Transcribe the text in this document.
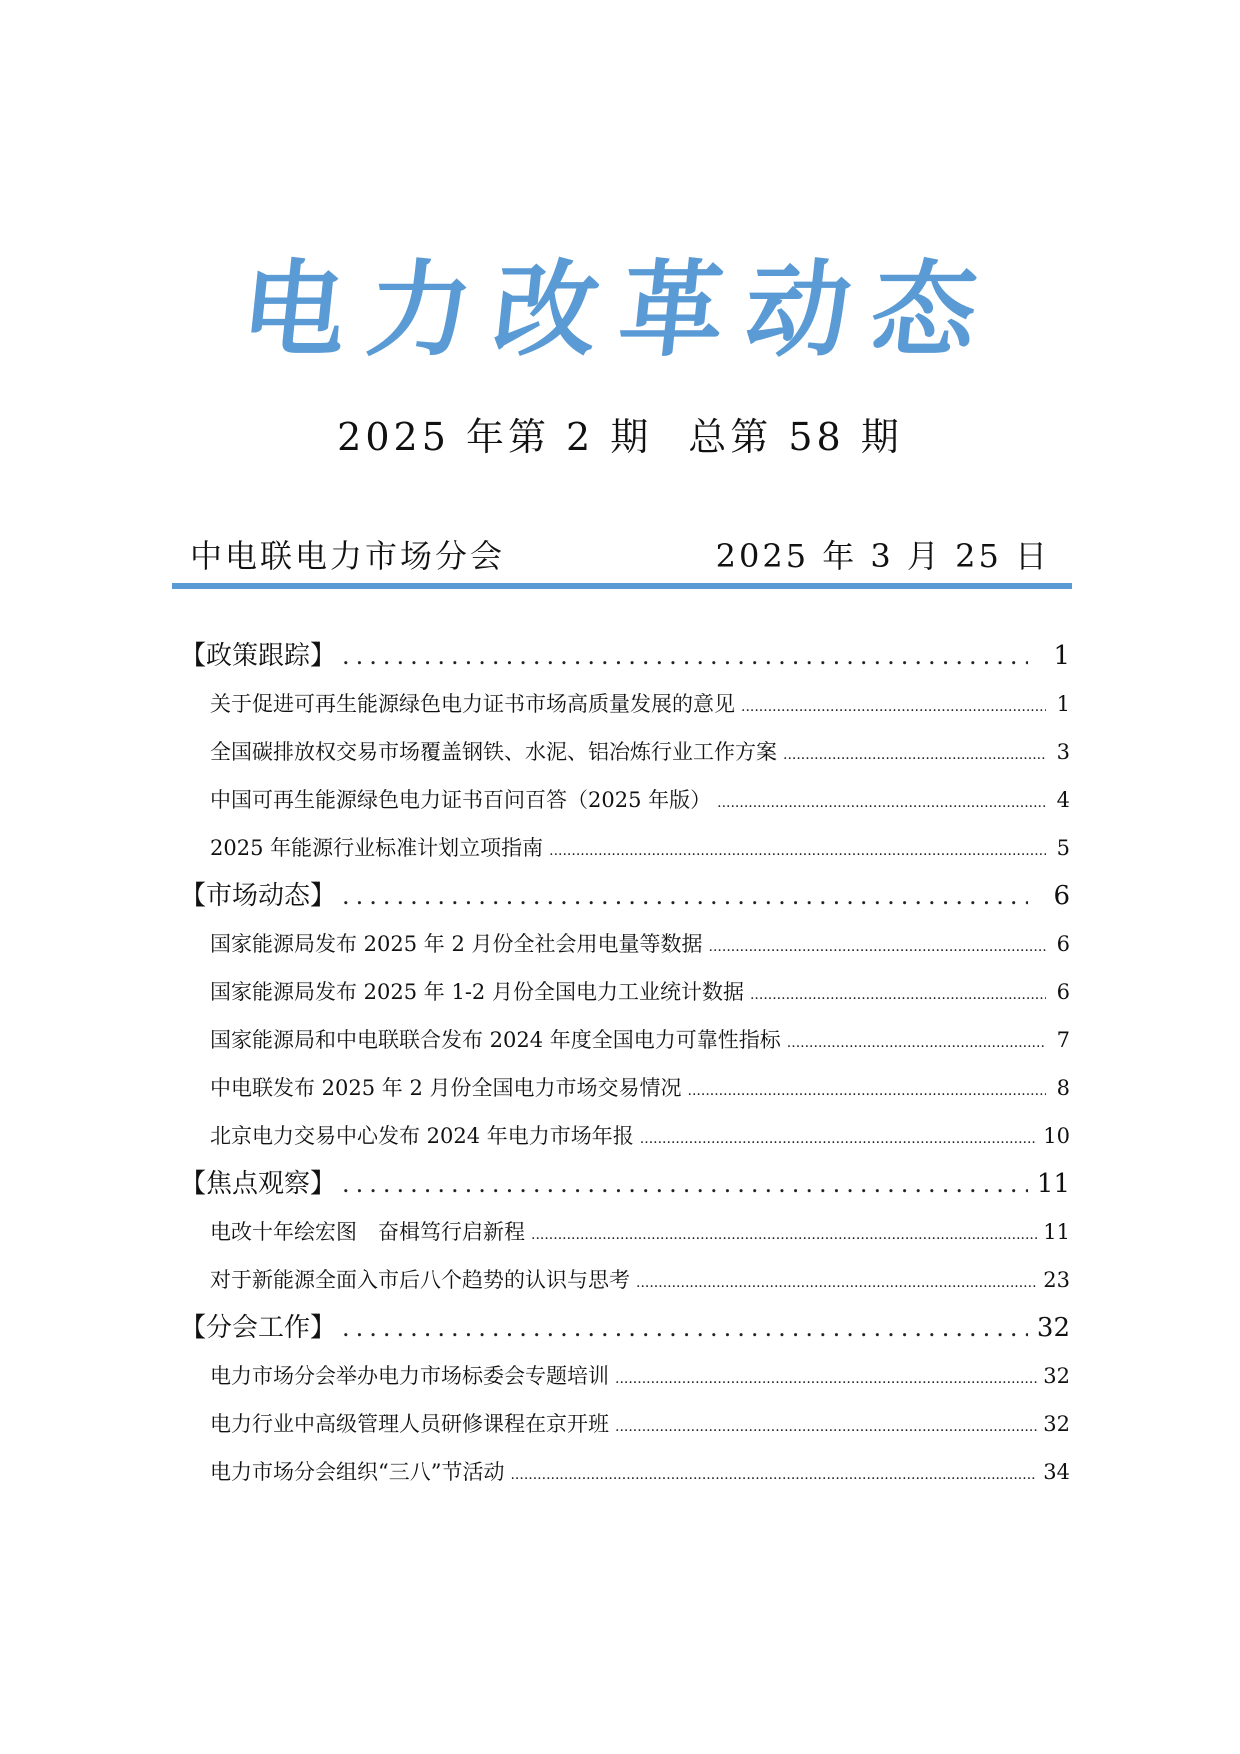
电力改革动态
2025 年第 2 期 总第 58 期
中电联电力市场分会	2025 年 3 月 25 日
【政策跟踪】 .....	1
关于促进可再生能源绿色电力证书市场高质量发展的意见 .....	1
全国碳排放权交易市场覆盖钢铁、水泥、铝冶炼行业工作方案 .....	3
中国可再生能源绿色电力证书百问百答（2025 年版） .....	4
2025 年能源行业标准计划立项指南 .....	5
【市场动态】 .....	6
国家能源局发布 2025 年 2 月份全社会用电量等数据 .....	6
国家能源局发布 2025 年 1-2 月份全国电力工业统计数据 .....	6
国家能源局和中电联联合发布 2024 年度全国电力可靠性指标 .....	7
中电联发布 2025 年 2 月份全国电力市场交易情况 .....	8
北京电力交易中心发布 2024 年电力市场年报 .....	10
【焦点观察】 .....	11
电改十年绘宏图　奋楫笃行启新程 .....	11
对于新能源全面入市后八个趋势的认识与思考 .....	23
【分会工作】 .....	32
电力市场分会举办电力市场标委会专题培训 .....	32
电力行业中高级管理人员研修课程在京开班 .....	32
电力市场分会组织“三八”节活动 .....	34
